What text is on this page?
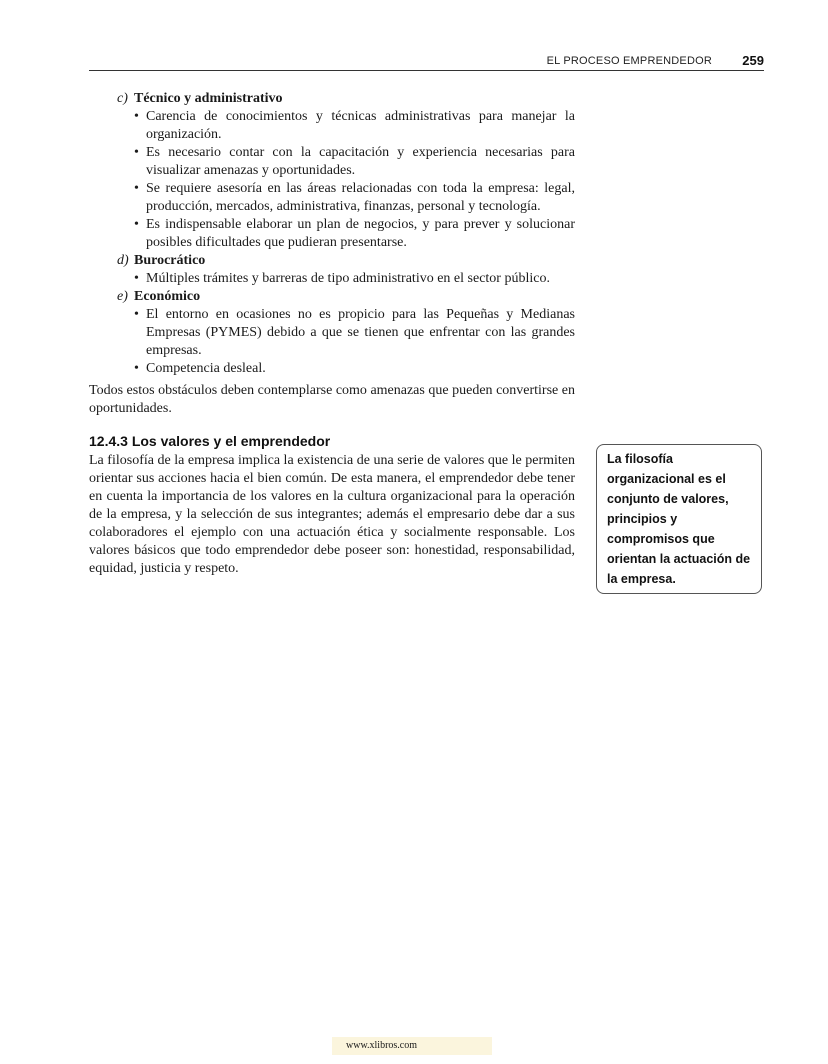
EL PROCESO EMPRENDEDOR 259
c) Técnico y administrativo
• Carencia de conocimientos y técnicas administrativas para manejar la organización.
• Es necesario contar con la capacitación y experiencia necesarias para visualizar amenazas y oportunidades.
• Se requiere asesoría en las áreas relacionadas con toda la empresa: legal, producción, mercados, administrativa, finanzas, personal y tecnología.
• Es indispensable elaborar un plan de negocios, y para prever y solucionar posibles dificultades que pudieran presentarse.
d) Burocrático
• Múltiples trámites y barreras de tipo administrativo en el sector público.
e) Económico
• El entorno en ocasiones no es propicio para las Pequeñas y Medianas Empresas (PYMES) debido a que se tienen que enfrentar con las grandes empresas.
• Competencia desleal.

Todos estos obstáculos deben contemplarse como amenazas que pueden convertirse en oportunidades.

12.4.3 Los valores y el emprendedor

La filosofía de la empresa implica la existencia de una serie de valores que le permiten orientar sus acciones hacia el bien común. De esta manera, el emprendedor debe tener en cuenta la importancia de los valores en la cultura organizacional para la operación de la empresa, y la selección de sus integrantes; además el empresario debe dar a sus colaboradores el ejemplo con una actuación ética y socialmente responsable. Los valores básicos que todo emprendedor debe poseer son: honestidad, responsabilidad, equidad, justicia y respeto.

La filosofía organizacional es el conjunto de valores, principios y compromisos que orientan la actuación de la empresa.
www.xlibros.com
